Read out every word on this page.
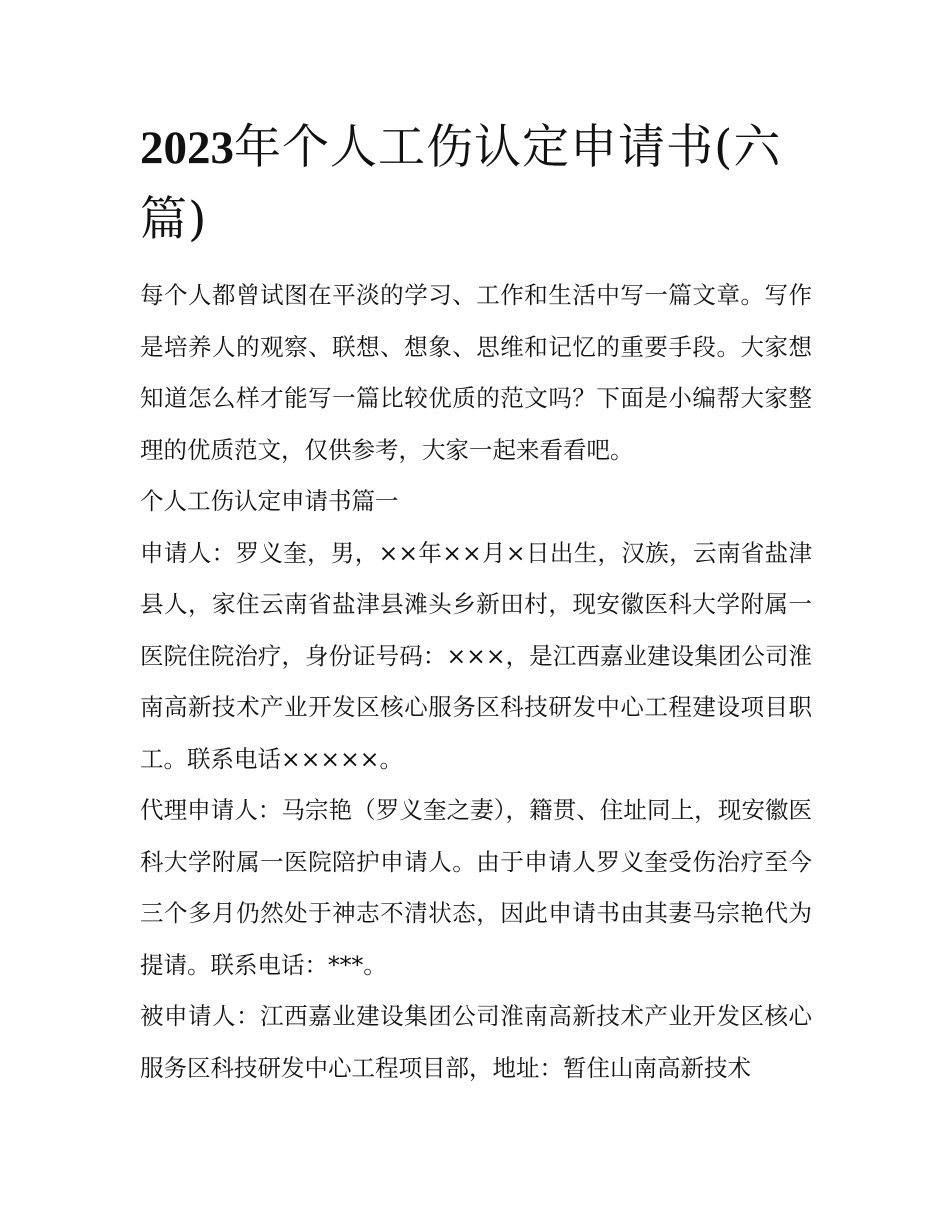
2023年个人工伤认定申请书(六篇)

每个人都曾试图在平淡的学习、工作和生活中写一篇文章。写作是培养人的观察、联想、想象、思维和记忆的重要手段。大家想知道怎么样才能写一篇比较优质的范文吗？下面是小编帮大家整理的优质范文，仅供参考，大家一起来看看吧。

个人工伤认定申请书篇一

申请人：罗义奎，男，××年××月×日出生，汉族，云南省盐津县人，家住云南省盐津县滩头乡新田村，现安徽医科大学附属一医院住院治疗，身份证号码：×××，是江西嘉业建设集团公司淮南高新技术产业开发区核心服务区科技研发中心工程建设项目职工。联系电话×××××。

代理申请人：马宗艳（罗义奎之妻），籍贯、住址同上，现安徽医科大学附属一医院陪护申请人。由于申请人罗义奎受伤治疗至今三个多月仍然处于神志不清状态，因此申请书由其妻马宗艳代为提请。联系电话：***。

被申请人：江西嘉业建设集团公司淮南高新技术产业开发区核心服务区科技研发中心工程项目部，地址：暂住山南高新技术
